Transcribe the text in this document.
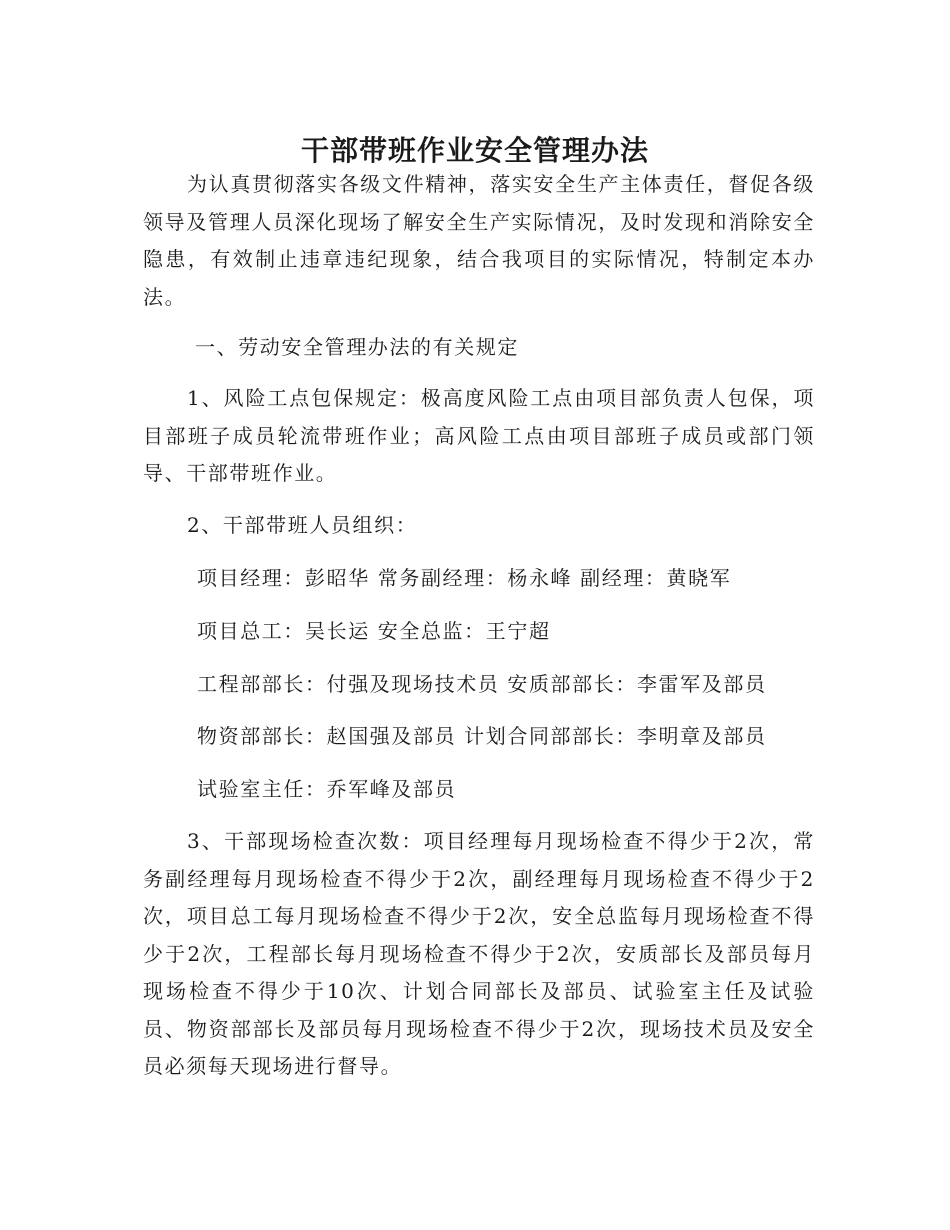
干部带班作业安全管理办法

为认真贯彻落实各级文件精神，落实安全生产主体责任，督促各级领导及管理人员深化现场了解安全生产实际情况，及时发现和消除安全隐患，有效制止违章违纪现象，结合我项目的实际情况，特制定本办法。

一、劳动安全管理办法的有关规定

1、风险工点包保规定：极高度风险工点由项目部负责人包保，项目部班子成员轮流带班作业；高风险工点由项目部班子成员或部门领导、干部带班作业。

2、干部带班人员组织：

项目经理：彭昭华 常务副经理：杨永峰 副经理：黄晓军

项目总工：吴长运 安全总监：王宁超

工程部部长：付强及现场技术员 安质部部长：李雷军及部员

物资部部长：赵国强及部员 计划合同部部长：李明章及部员

试验室主任：乔军峰及部员

3、干部现场检查次数：项目经理每月现场检查不得少于2次，常务副经理每月现场检查不得少于2次，副经理每月现场检查不得少于2次，项目总工每月现场检查不得少于2次，安全总监每月现场检查不得少于2次，工程部长每月现场检查不得少于2次，安质部长及部员每月现场检查不得少于10次、计划合同部长及部员、试验室主任及试验员、物资部部长及部员每月现场检查不得少于2次，现场技术员及安全员必须每天现场进行督导。
